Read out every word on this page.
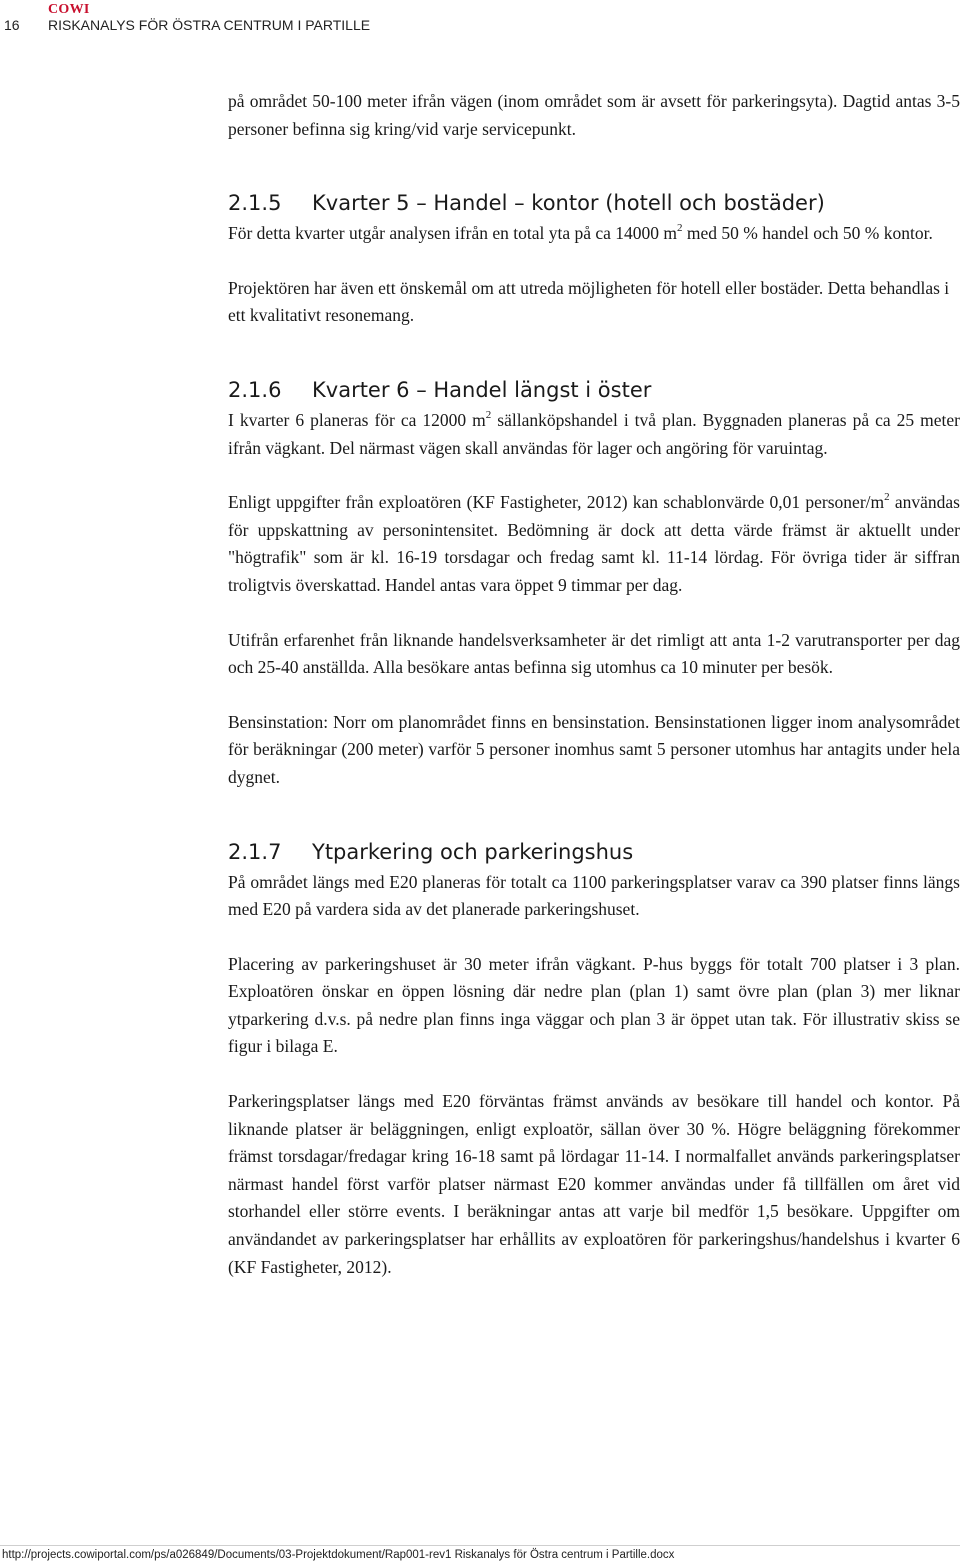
16
COWI
RISKANALYS FÖR ÖSTRA CENTRUM I PARTILLE

på området 50-100 meter ifrån vägen (inom området som är avsett för parkeringsyta). Dagtid antas 3-5 personer befinna sig kring/vid varje servicepunkt.

2.1.5 Kvarter 5 – Handel – kontor (hotell och bostäder)

För detta kvarter utgår analysen ifrån en total yta på ca 14000 $m^2$ med 50 % handel och 50 % kontor.

Projektören har även ett önskemål om att utreda möjligheten för hotell eller bostäder. Detta behandlas i ett kvalitativt resonemang.

2.1.6 Kvarter 6 – Handel längst i öster

I kvarter 6 planeras för ca 12000 $m^2$ sällanköpshandel i två plan. Byggnaden planeras på ca 25 meter ifrån vägkant. Del närmast vägen skall användas för lager och angöring för varuintag.

Enligt uppgifter från exploatören (KF Fastigheter, 2012) kan schablonvärde 0,01 personer/$m^2$ användas för uppskattning av personintensitet. Bedömning är dock att detta värde främst är aktuellt under "högtrafik" som är kl. 16-19 torsdagar och fredag samt kl. 11-14 lördag. För övriga tider är siffran troligtvis överskattad. Handel antas vara öppet 9 timmar per dag.

Utifrån erfarenhet från liknande handelsverksamheter är det rimligt att anta 1-2 varutransporter per dag och 25-40 anställda. Alla besökare antas befinna sig utomhus ca 10 minuter per besök.

Bensinstation: Norr om planområdet finns en bensinstation. Bensinstationen ligger inom analysområdet för beräkningar (200 meter) varför 5 personer inomhus samt 5 personer utomhus har antagits under hela dygnet.

2.1.7 Ytparkering och parkeringshus

På området längs med E20 planeras för totalt ca 1100 parkeringsplatser varav ca 390 platser finns längs med E20 på vardera sida av det planerade parkeringshuset.

Placering av parkeringshuset är 30 meter ifrån vägkant. P-hus byggs för totalt 700 platser i 3 plan. Exploatören önskar en öppen lösning där nedre plan (plan 1) samt övre plan (plan 3) mer liknar ytparkering d.v.s. på nedre plan finns inga väggar och plan 3 är öppet utan tak. För illustrativ skiss se figur i bilaga E.

Parkeringsplatser längs med E20 förväntas främst används av besökare till handel och kontor. På liknande platser är beläggningen, enligt exploatör, sällan över 30 %. Högre beläggning förekommer främst torsdagar/fredagar kring 16-18 samt på lördagar 11-14. I normalfallet används parkeringsplatser närmast handel först varför platser närmast E20 kommer användas under få tillfällen om året vid storhandel eller större events. I beräkningar antas att varje bil medför 1,5 besökare. Uppgifter om användandet av parkeringsplatser har erhållits av exploatören för parkeringshus/handelshus i kvarter 6 (KF Fastigheter, 2012).

http://projects.cowiportal.com/ps/a026849/Documents/03-Projektdokument/Rap001-rev1 Riskanalys för Östra centrum i Partille.docx
